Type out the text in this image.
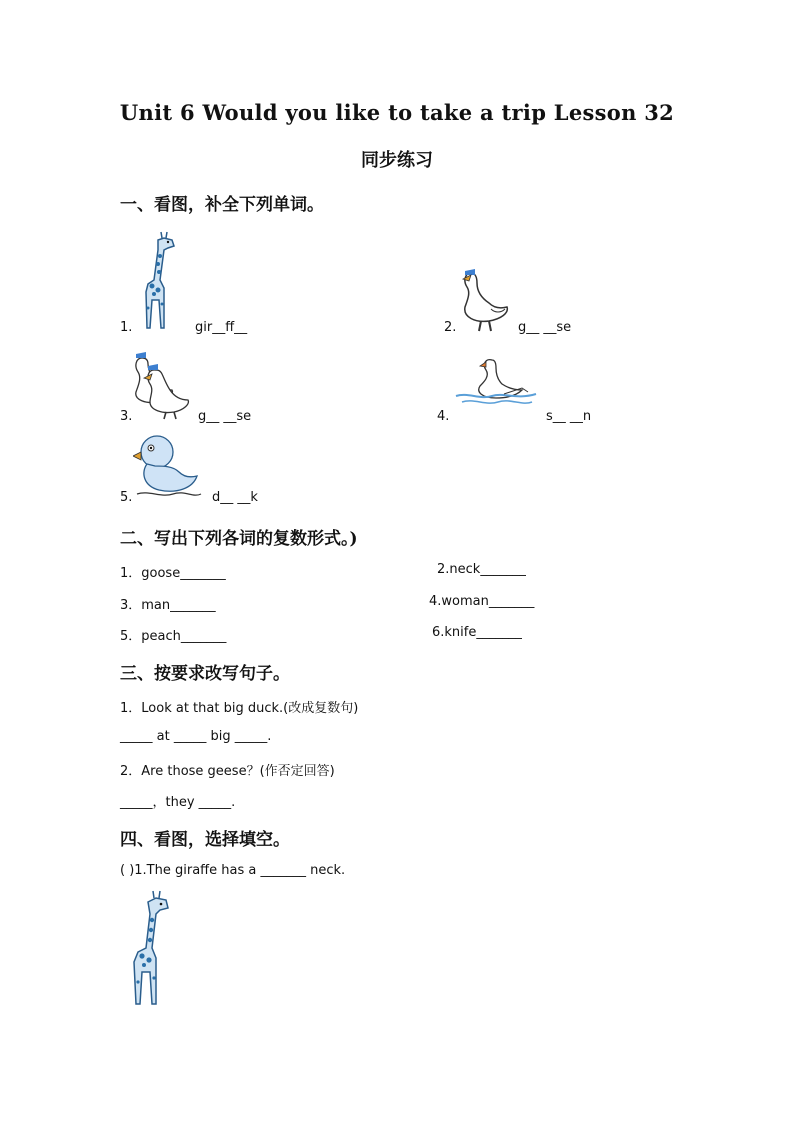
Unit 6 Would you like to take a trip Lesson 32
同步练习
一、看图，补全下列单词。
1.	gir__ff__	2.	g__ __se
3.	g__ __se	4.	s__ __n
5.	d__ __k
二、写出下列各词的复数形式。)
1．goose_______	2.neck_______
3．man_______	4.woman_______
5．peach_______	6.knife_______
三、按要求改写句子。
1．Look at that big duck.(改成复数句)
_____ at _____ big _____.
2．Are those geese？(作否定回答)
_____，they _____.
四、看图，选择填空。
( )1.The giraffe has a _______ neck.
